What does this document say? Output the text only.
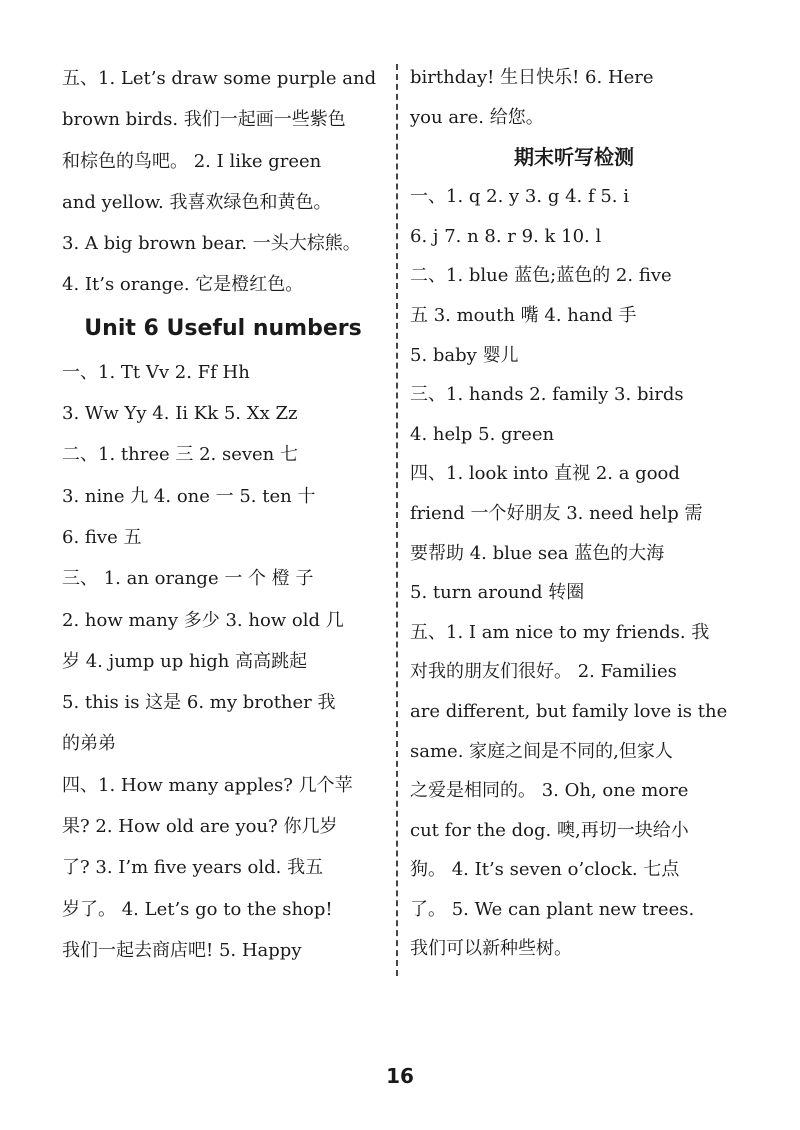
五、1. Let’s draw some purple and
brown birds. 我们一起画一些紫色
和棕色的鸟吧。 2. I like green
and yellow. 我喜欢绿色和黄色。
3. A big brown bear. 一头大棕熊。
4. It’s orange. 它是橙红色。
Unit 6 Useful numbers
一、1. Tt Vv 2. Ff Hh
3. Ww Yy 4. Ii Kk 5. Xx Zz
二、1. three 三 2. seven 七
3. nine 九 4. one 一 5. ten 十
6. five 五
三、 1. an orange 一 个 橙 子
2. how many 多少 3. how old 几
岁 4. jump up high 高高跳起
5. this is 这是 6. my brother 我
的弟弟
四、1. How many apples? 几个苹
果? 2. How old are you? 你几岁
了? 3. I’m five years old. 我五
岁了。 4. Let’s go to the shop!
我们一起去商店吧! 5. Happy
birthday! 生日快乐! 6. Here
you are. 给您。
期末听写检测
一、1. q 2. y 3. g 4. f 5. i
6. j 7. n 8. r 9. k 10. l
二、1. blue 蓝色;蓝色的 2. five
五 3. mouth 嘴 4. hand 手
5. baby 婴儿
三、1. hands 2. family 3. birds
4. help 5. green
四、1. look into 直视 2. a good
friend 一个好朋友 3. need help 需
要帮助 4. blue sea 蓝色的大海
5. turn around 转圈
五、1. I am nice to my friends. 我
对我的朋友们很好。 2. Families
are different, but family love is the
same. 家庭之间是不同的,但家人
之爱是相同的。 3. Oh, one more
cut for the dog. 噢,再切一块给小
狗。 4. It’s seven o’clock. 七点
了。 5. We can plant new trees.
我们可以新种些树。
16
